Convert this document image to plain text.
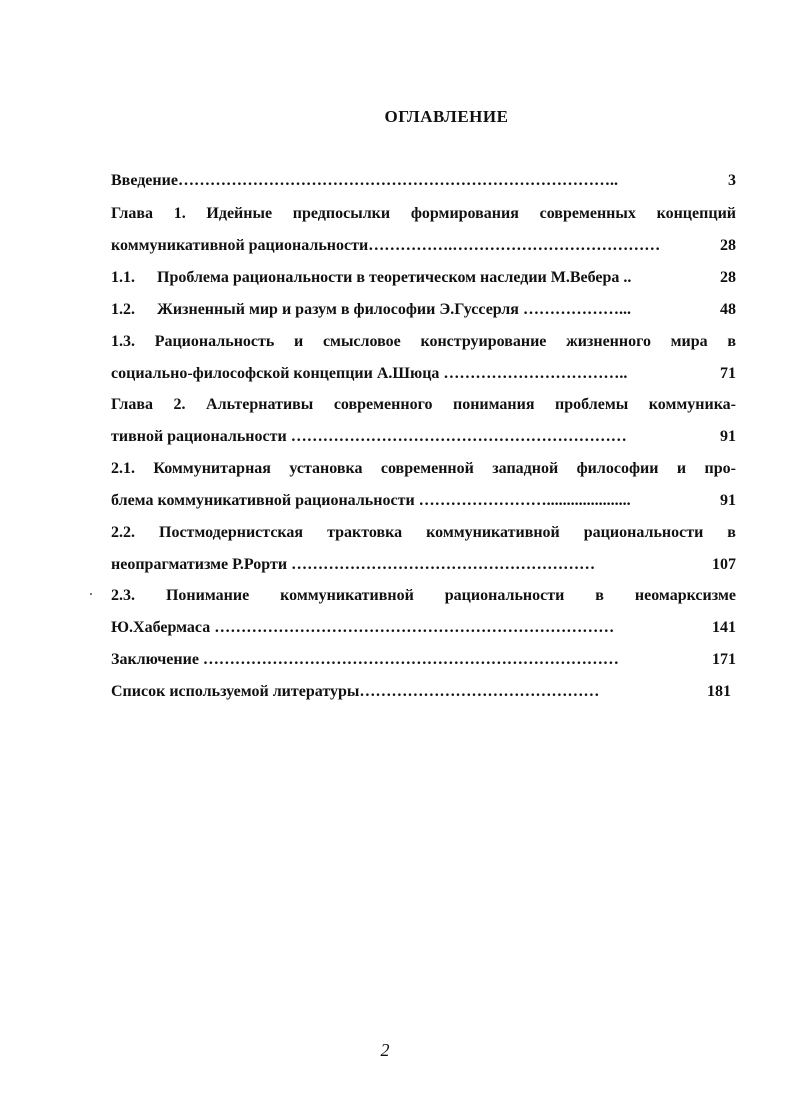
ОГЛАВЛЕНИЕ
Введение ………………………………………………………………………..	3
Глава 1. Идейные предпосылки формирования современных концепций
коммуникативной рациональности …………….…………………………………	28
1.1.	Проблема рациональности в теоретическом наследии М.Вебера ..	28
1.2.	Жизненный мир и разум в философии Э.Гуссерля ………………...	48
1.3. Рациональность и смысловое конструирование жизненного мира в
социально-философской концепции А.Шюца ……………………………..	71
Глава 2. Альтернативы современного понимания проблемы коммуника-
тивной рациональности ………………………………………………………	91
2.1. Коммунитарная установка современной западной философии и про-
блема коммуникативной рациональности …………………….....................	91
2.2. Постмодернистская трактовка коммуникативной рациональности в
неопрагматизме Р.Рорти …………………………………………………	107
2.3. Понимание коммуникативной рациональности в неомарксизме
Ю.Хабермаса …………………………………………………………………	141
Заключение ……………………………………………………………………	171
Список используемой литературы ………………………………………	181
2
